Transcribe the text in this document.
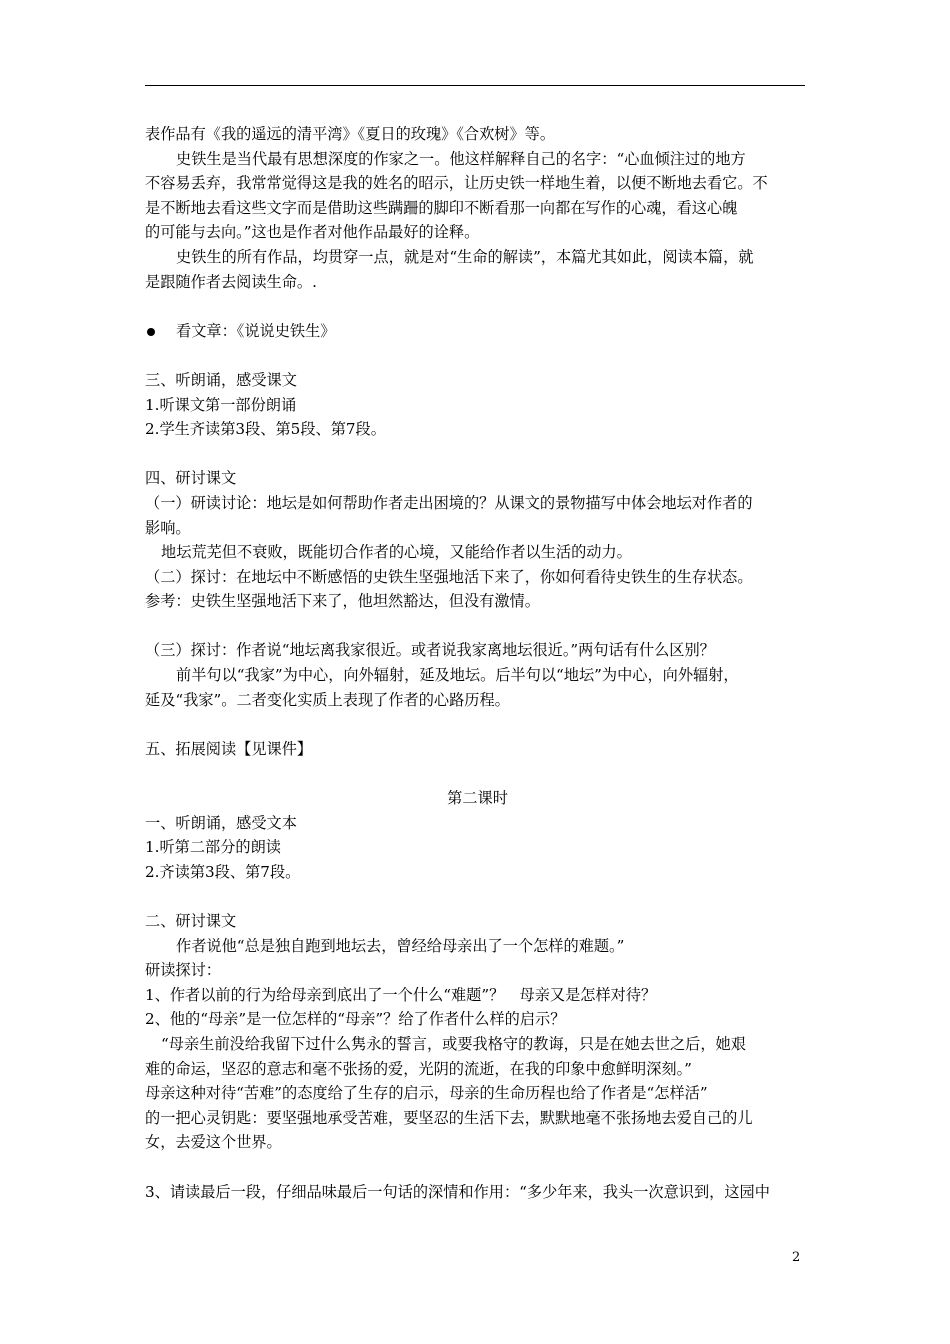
表作品有《我的遥远的清平湾》《夏日的玫瑰》《合欢树》等。
史铁生是当代最有思想深度的作家之一。他这样解释自己的名字：“心血倾注过的地方
不容易丢弃，我常常觉得这是我的姓名的昭示，让历史铁一样地生着，以便不断地去看它。不
是不断地去看这些文字而是借助这些蹒跚的脚印不断看那一向都在写作的心魂，看这心魄
的可能与去向。”这也是作者对他作品最好的诠释。
史铁生的所有作品，均贯穿一点，就是对“生命的解读”，本篇尤其如此，阅读本篇，就
是跟随作者去阅读生命。.
看文章：《说说史铁生》
三、听朗诵，感受课文
1.听课文第一部份朗诵
2.学生齐读第3段、第5段、第7段。
四、研讨课文
（一）研读讨论：地坛是如何帮助作者走出困境的？从课文的景物描写中体会地坛对作者的
影响。
地坛荒芜但不衰败，既能切合作者的心境，又能给作者以生活的动力。
（二）探讨：在地坛中不断感悟的史铁生坚强地活下来了，你如何看待史铁生的生存状态。
参考：史铁生坚强地活下来了，他坦然豁达，但没有激情。
（三）探讨：作者说“地坛离我家很近。或者说我家离地坛很近。”两句话有什么区别？
前半句以“我家”为中心，向外辐射，延及地坛。后半句以“地坛”为中心，向外辐射，
延及“我家”。二者变化实质上表现了作者的心路历程。
五、拓展阅读【见课件】
第二课时
一、听朗诵，感受文本
1.听第二部分的朗读
2.齐读第3段、第7段。
二、研讨课文
作者说他“总是独自跑到地坛去，曾经给母亲出了一个怎样的难题。”
研读探讨：
1、作者以前的行为给母亲到底出了一个什么“难题”？　母亲又是怎样对待？
2、他的“母亲”是一位怎样的“母亲”？给了作者什么样的启示？
“母亲生前没给我留下过什么隽永的誓言，或要我格守的教诲，只是在她去世之后，她艰
难的命运，坚忍的意志和毫不张扬的爱，光阴的流逝，在我的印象中愈鲜明深刻。”
母亲这种对待“苦难”的态度给了生存的启示，母亲的生命历程也给了作者是“怎样活”
的一把心灵钥匙：要坚强地承受苦难，要坚忍的生活下去，默默地毫不张扬地去爱自己的儿
女，去爱这个世界。
3、请读最后一段，仔细品味最后一句话的深情和作用：“多少年来，我头一次意识到，这园中
2
